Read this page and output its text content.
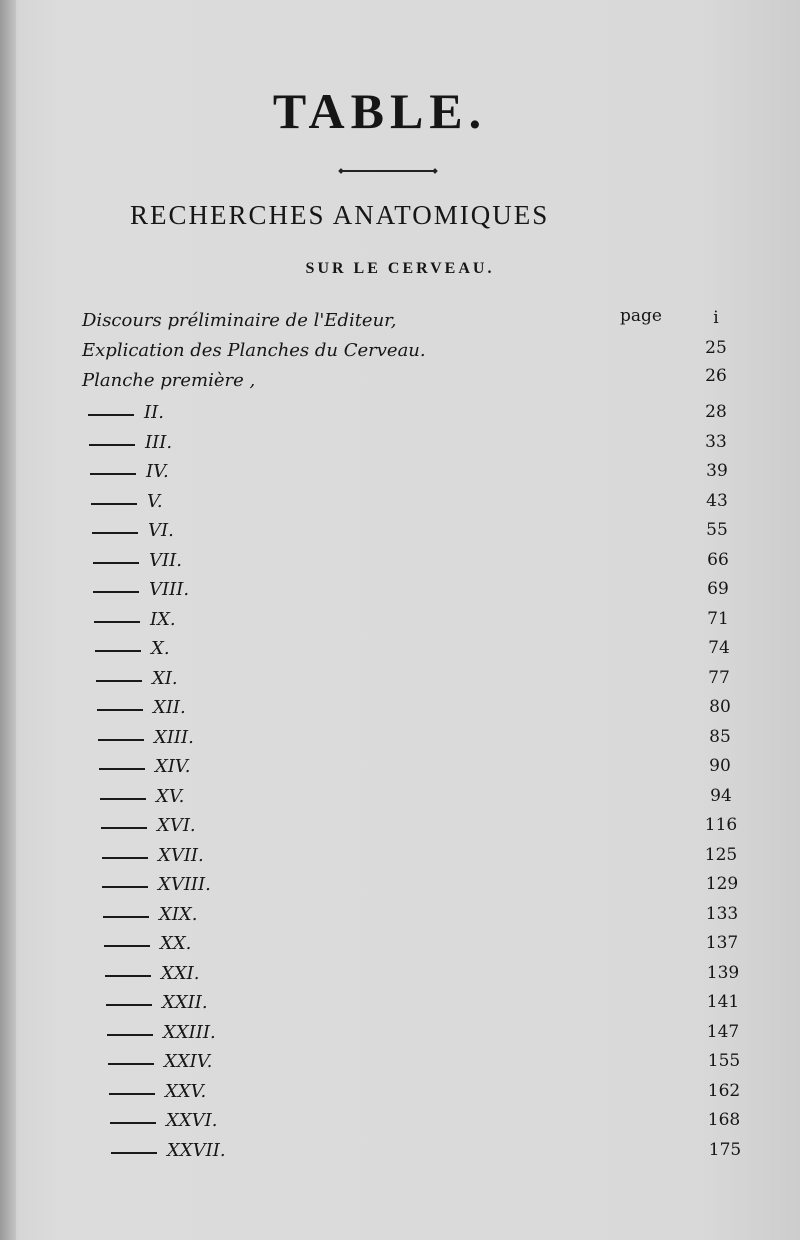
TABLE.
RECHERCHES ANATOMIQUES
SUR LE CERVEAU.
page
Discours préliminaire de l'Editeur,	i
Explication des Planches du Cerveau.	25
Planche première ,	26
II.	28
III.	33
IV.	39
V.	43
VI.	55
VII.	66
VIII.	69
IX.	71
X.	74
XI.	77
XII.	80
XIII.	85
XIV.	90
XV.	94
XVI.	116
XVII.	125
XVIII.	129
XIX.	133
XX.	137
XXI.	139
XXII.	141
XXIII.	147
XXIV.	155
XXV.	162
XXVI.	168
XXVII.	175
